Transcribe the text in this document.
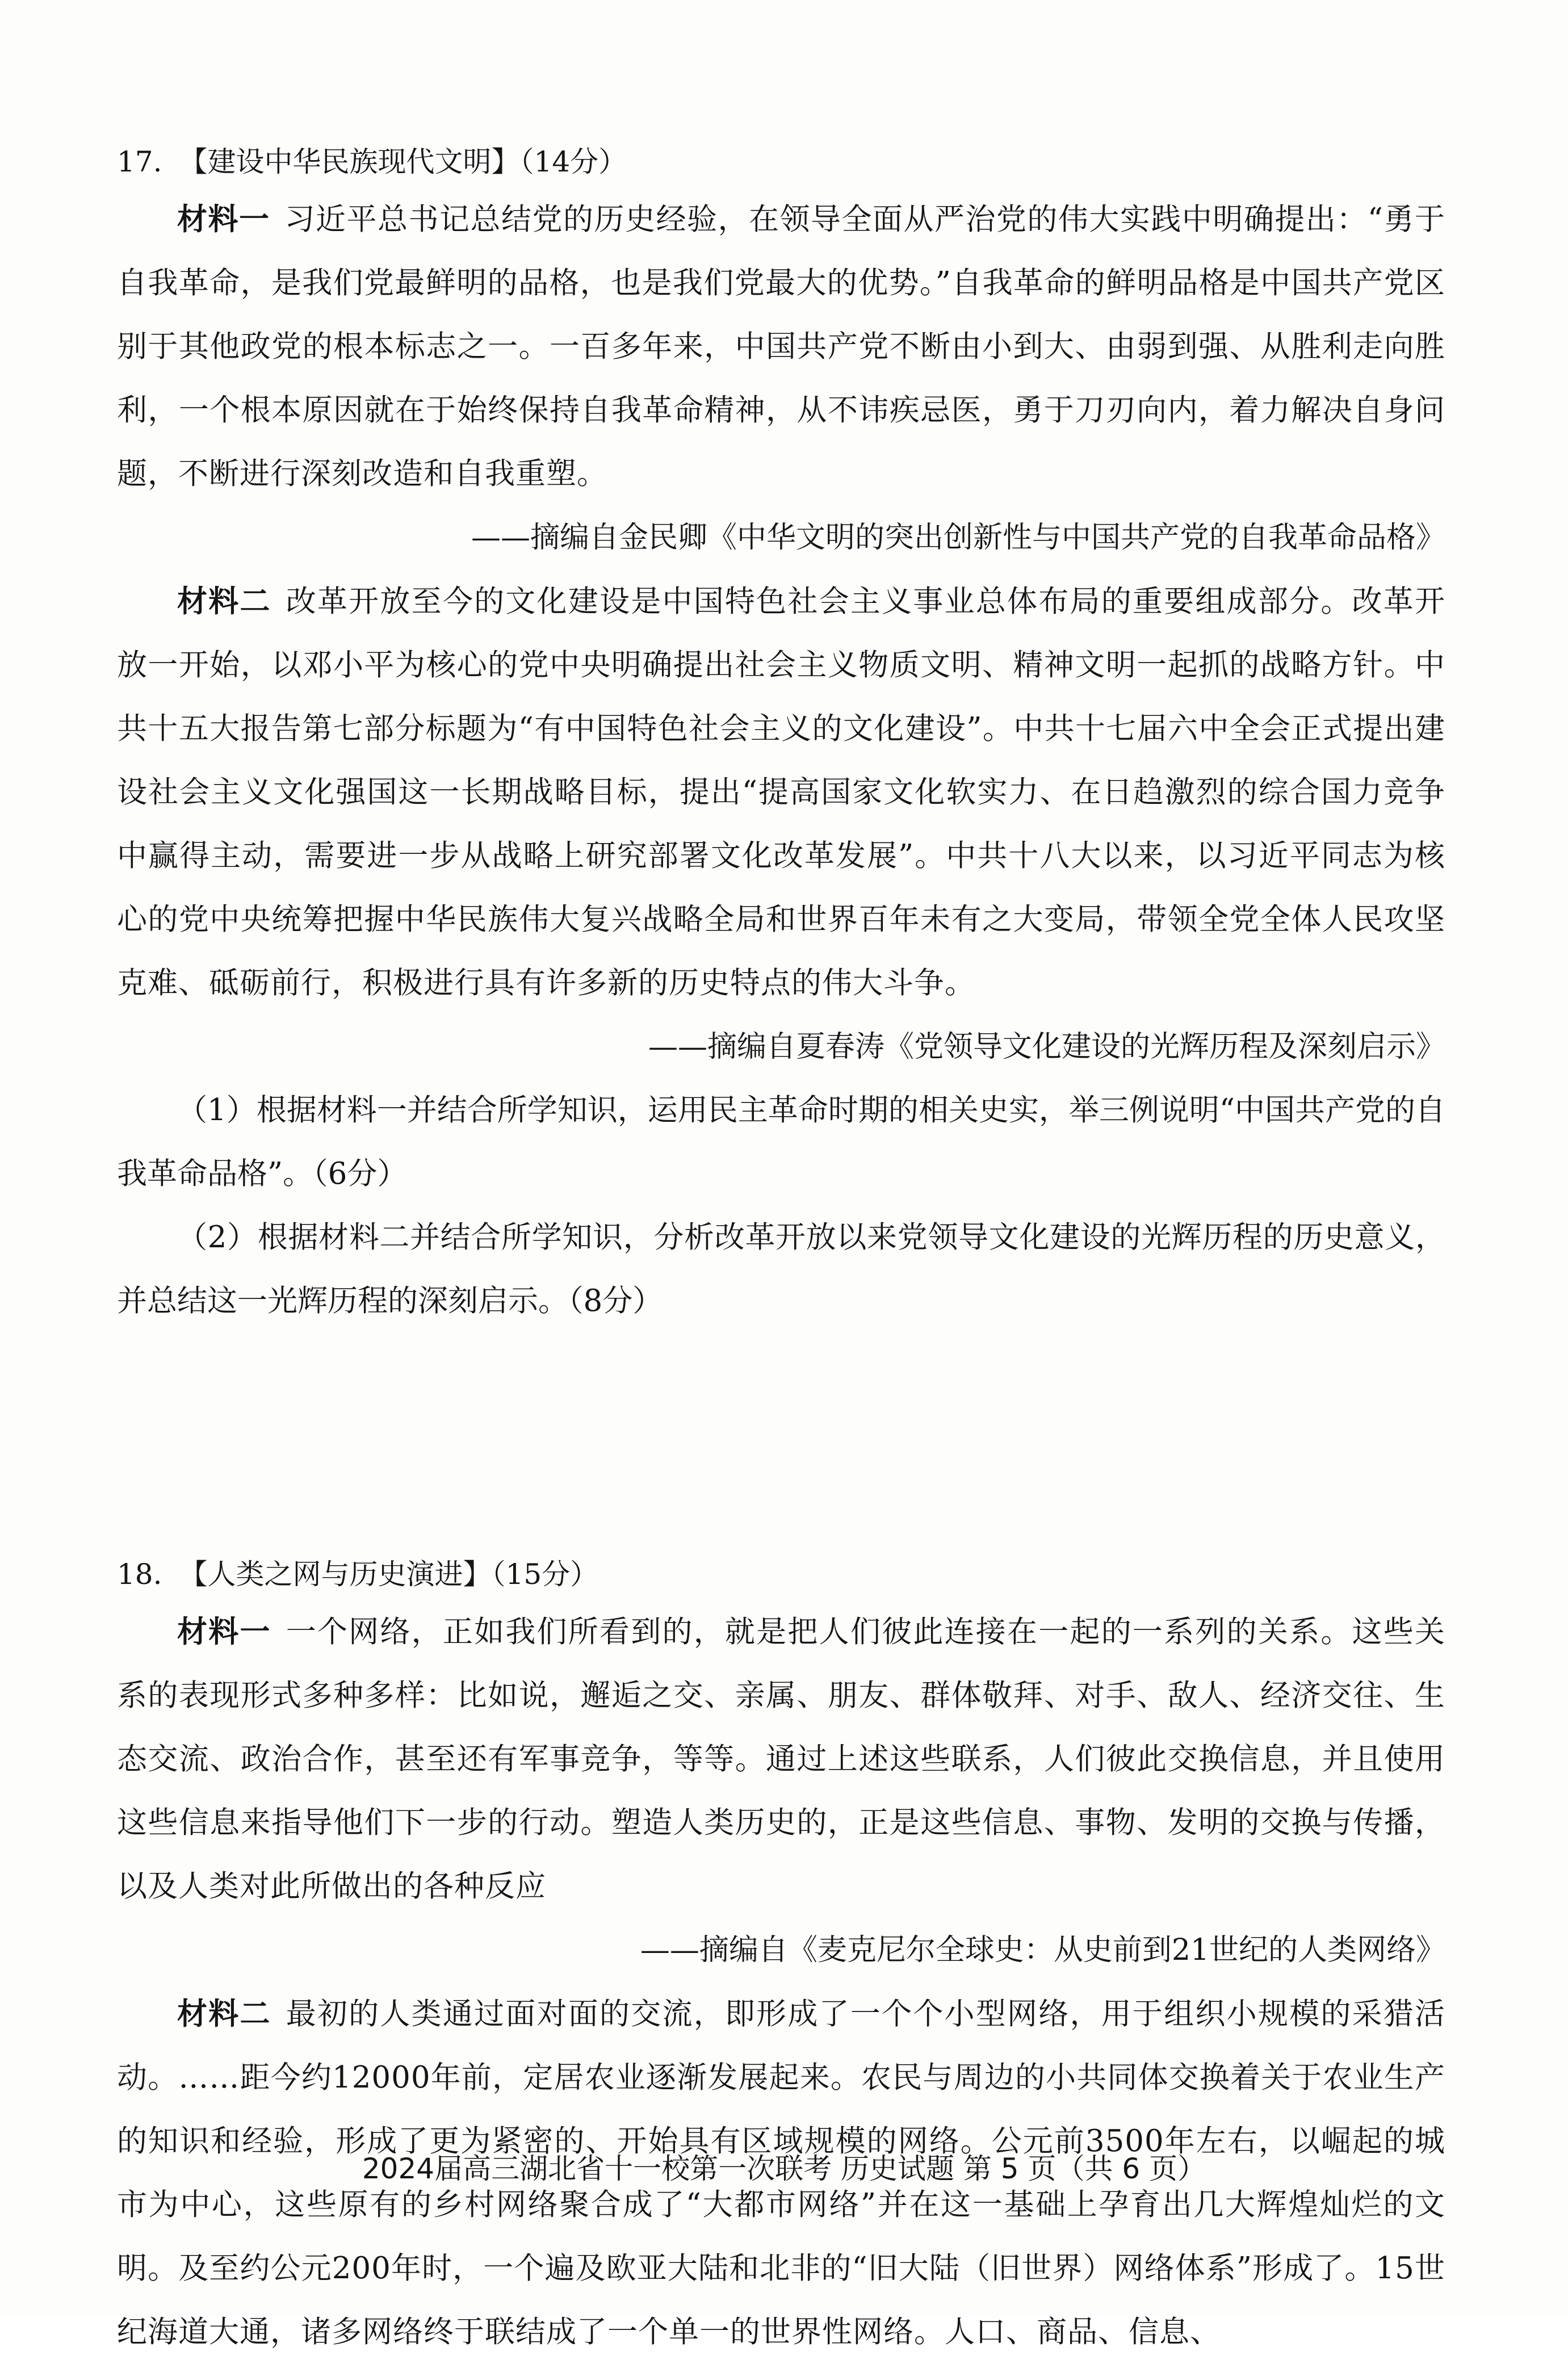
17. 【建设中华民族现代文明】（14分）

材料一 习近平总书记总结党的历史经验，在领导全面从严治党的伟大实践中明确提出：“勇于自我革命，是我们党最鲜明的品格，也是我们党最大的优势。”自我革命的鲜明品格是中国共产党区别于其他政党的根本标志之一。一百多年来，中国共产党不断由小到大、由弱到强、从胜利走向胜利，一个根本原因就在于始终保持自我革命精神，从不讳疾忌医，勇于刀刃向内，着力解决自身问题，不断进行深刻改造和自我重塑。

——摘编自金民卿《中华文明的突出创新性与中国共产党的自我革命品格》

材料二 改革开放至今的文化建设是中国特色社会主义事业总体布局的重要组成部分。改革开放一开始，以邓小平为核心的党中央明确提出社会主义物质文明、精神文明一起抓的战略方针。中共十五大报告第七部分标题为“有中国特色社会主义的文化建设”。中共十七届六中全会正式提出建设社会主义文化强国这一长期战略目标，提出“提高国家文化软实力、在日趋激烈的综合国力竞争中赢得主动，需要进一步从战略上研究部署文化改革发展”。中共十八大以来，以习近平同志为核心的党中央统筹把握中华民族伟大复兴战略全局和世界百年未有之大变局，带领全党全体人民攻坚克难、砥砺前行，积极进行具有许多新的历史特点的伟大斗争。

——摘编自夏春涛《党领导文化建设的光辉历程及深刻启示》

（1）根据材料一并结合所学知识，运用民主革命时期的相关史实，举三例说明“中国共产党的自我革命品格”。（6分）

（2）根据材料二并结合所学知识，分析改革开放以来党领导文化建设的光辉历程的历史意义，并总结这一光辉历程的深刻启示。（8分）

18. 【人类之网与历史演进】（15分）

材料一 一个网络，正如我们所看到的，就是把人们彼此连接在一起的一系列的关系。这些关系的表现形式多种多样：比如说，邂逅之交、亲属、朋友、群体敬拜、对手、敌人、经济交往、生态交流、政治合作，甚至还有军事竞争，等等。通过上述这些联系，人们彼此交换信息，并且使用这些信息来指导他们下一步的行动。塑造人类历史的，正是这些信息、事物、发明的交换与传播，以及人类对此所做出的各种反应

——摘编自《麦克尼尔全球史：从史前到21世纪的人类网络》

材料二 最初的人类通过面对面的交流，即形成了一个个小型网络，用于组织小规模的采猎活动。……距今约12000年前，定居农业逐渐发展起来。农民与周边的小共同体交换着关于农业生产的知识和经验，形成了更为紧密的、开始具有区域规模的网络。公元前3500年左右，以崛起的城市为中心，这些原有的乡村网络聚合成了“大都市网络”并在这一基础上孕育出几大辉煌灿烂的文明。及至约公元200年时，一个遍及欧亚大陆和北非的“旧大陆（旧世界）网络体系”形成了。15世纪海道大通，诸多网络终于联结成了一个单一的世界性网络。人口、商品、信息、

2024届高三湖北省十一校第一次联考 历史试题 第 5 页（共 6 页）
